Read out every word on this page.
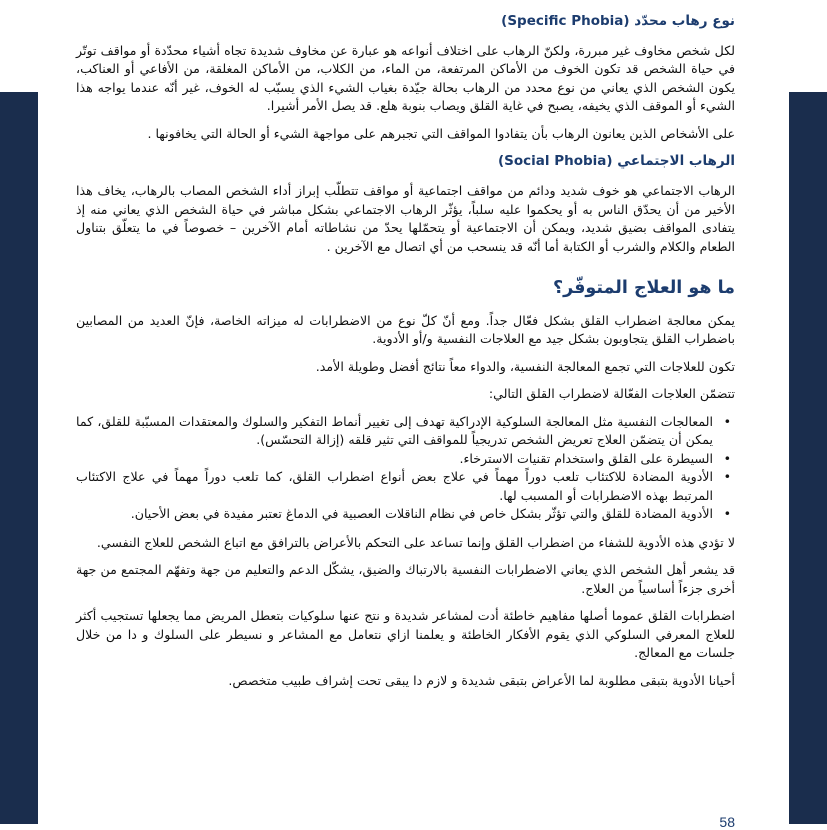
نوع رهاب محدّد (Specific Phobia)

لكل شخص مخاوف غير مبررة، ولكنّ الرهاب على اختلاف أنواعه هو عبارة عن مخاوف شديدة تجاه أشياء محدّدة أو مواقف توتّر في حياة الشخص قد تكون الخوف من الأماكن المرتفعة، من الماء، من الكلاب، من الأماكن المغلقة، من الأفاعي أو العناكب، يكون الشخص الذي يعاني من نوع محدد من الرهاب بحالة جيّدة بغياب الشيء الذي يسبّب له الخوف، غير أنّه عندما يواجه هذا الشيء أو الموقف الذي يخيفه، يصبح في غاية القلق ويصاب بنوبة هلع. قد يصل الأمر أشيرا.

على الأشخاص الذين يعانون الرهاب بأن يتفادوا المواقف التي تجبرهم على مواجهة الشيء أو الحالة التي يخافونها .

الرهاب الاجتماعي (Social Phobia)

الرهاب الاجتماعي هو خوف شديد ودائم من مواقف اجتماعية أو مواقف تتطلّب إبراز أداء الشخص المصاب بالرهاب، يخاف هذا الأخير من أن يحدّق الناس به أو يحكموا عليه سلباً، يؤثّر الرهاب الاجتماعي بشكل مباشر في حياة الشخص الذي يعاني منه إذ يتفادى المواقف بضيق شديد، ويمكن أن الاجتماعية أو يتحمّلها يحدّ من نشاطاته أمام الآخرين – خصوصاً في ما يتعلّق بتناول الطعام والكلام والشرب أو الكتابة أما أنّه قد ينسحب من أي اتصال مع الآخرين .

ما هو العلاج المتوفّر؟

يمكن معالجة اضطراب القلق بشكل فعّال جداً. ومع أنّ كلّ نوع من الاضطرابات له ميزاته الخاصة، فإنّ العديد من المصابين باضطراب القلق يتجاوبون بشكل جيد مع العلاجات النفسية و/أو الأدوية.

تكون للعلاجات التي تجمع المعالجة النفسية، والدواء معاً نتائج أفضل وطويلة الأمد.

تتضمّن العلاجات الفعّالة لاضطراب القلق التالي:

• المعالجات النفسية مثل المعالجة السلوكية الإدراكية تهدف إلى تغيير أنماط التفكير والسلوك والمعتقدات المسبّبة للقلق، كما يمكن أن يتضمّن العلاج تعريض الشخص تدريجياً للمواقف التي تثير قلقه (إزالة التحسّس).
• السيطرة على القلق واستخدام تقنيات الاسترخاء.
• الأدوية المضادة للاكتئاب تلعب دوراً مهماً في علاج بعض أنواع اضطراب القلق، كما تلعب دوراً مهماً في علاج الاكتئاب المرتبط بهذه الاضطرابات أو المسبب لها.
• الأدوية المضادة للقلق والتي تؤثّر بشكل خاص في نظام الناقلات العصبية في الدماغ تعتبر مفيدة في بعض الأحيان.

لا تؤدي هذه الأدوية للشفاء من اضطراب القلق وإنما تساعد على التحكم بالأعراض بالترافق مع اتباع الشخص للعلاج النفسي.

قد يشعر أهل الشخص الذي يعاني الاضطرابات النفسية بالارتباك والضيق، يشكّل الدعم والتعليم من جهة وتفهّم المجتمع من جهة أخرى جزءاً أساسياً من العلاج.

اضطرابات القلق عموما أصلها مفاهيم خاطئة أدت لمشاعر شديدة و نتج عنها سلوكيات بتعطل المريض مما يجعلها تستجيب أكثر للعلاج المعرفي السلوكي الذي يقوم الأفكار الخاطئة و يعلمنا ازاي نتعامل مع المشاعر و نسيطر على السلوك و دا من خلال جلسات مع المعالج.

أحيانا الأدوية بتبقى مطلوبة لما الأعراض بتبقى شديدة و لازم دا يبقى تحت إشراف طبيب متخصص.

58
